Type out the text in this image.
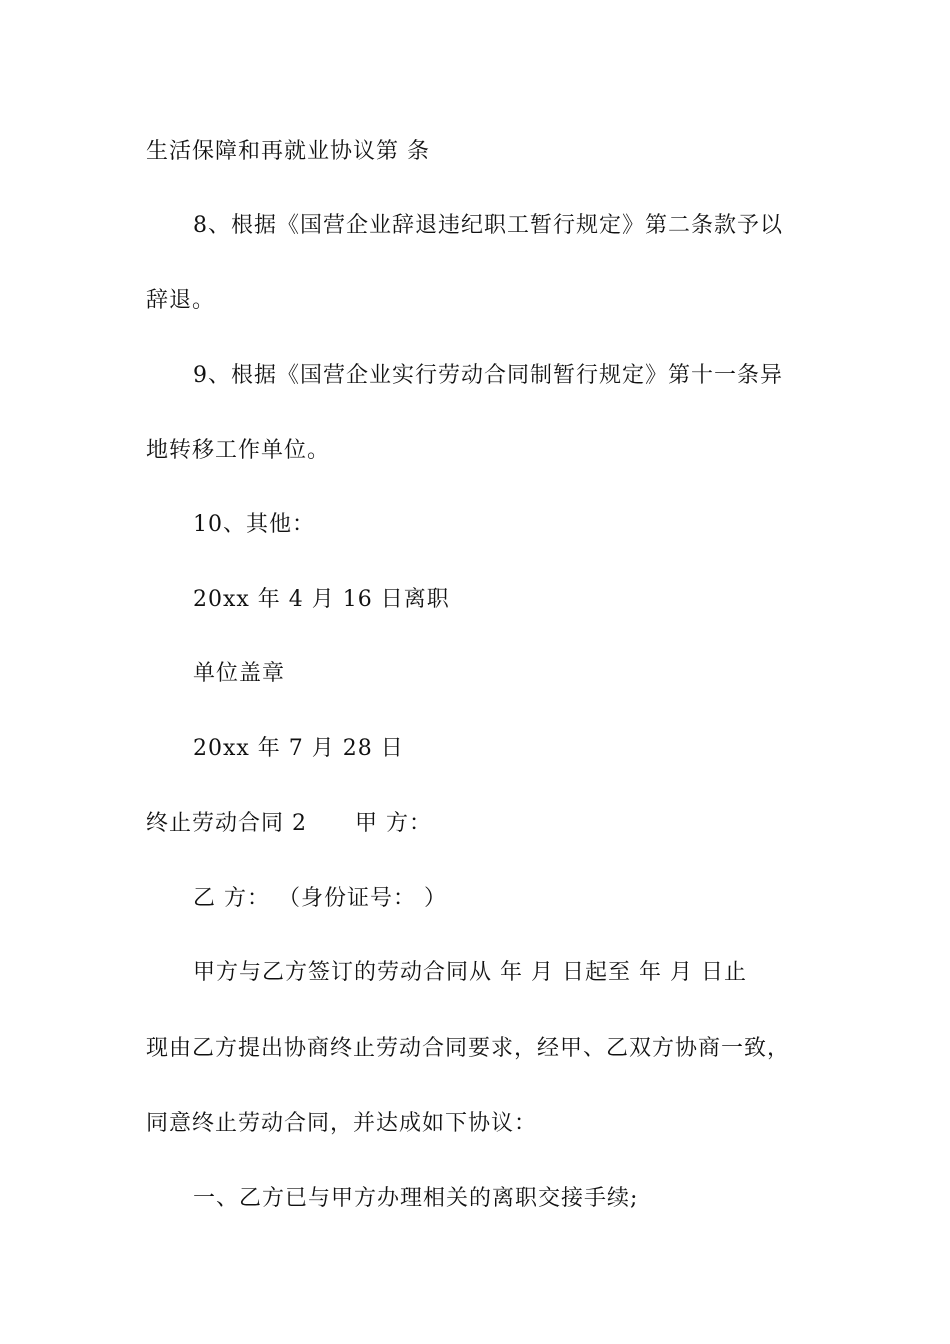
生活保障和再就业协议第 条
8、根据《国营企业辞退违纪职工暂行规定》第二条款予以
辞退。
9、根据《国营企业实行劳动合同制暂行规定》第十一条异
地转移工作单位。
10、其他：
20xx 年 4 月 16 日离职
单位盖章
20xx 年 7 月 28 日
终止劳动合同 2      甲 方：
乙 方： （身份证号： ）
甲方与乙方签订的劳动合同从 年 月 日起至 年 月 日止
现由乙方提出协商终止劳动合同要求，经甲、乙双方协商一致，
同意终止劳动合同，并达成如下协议：
一、乙方已与甲方办理相关的离职交接手续;
